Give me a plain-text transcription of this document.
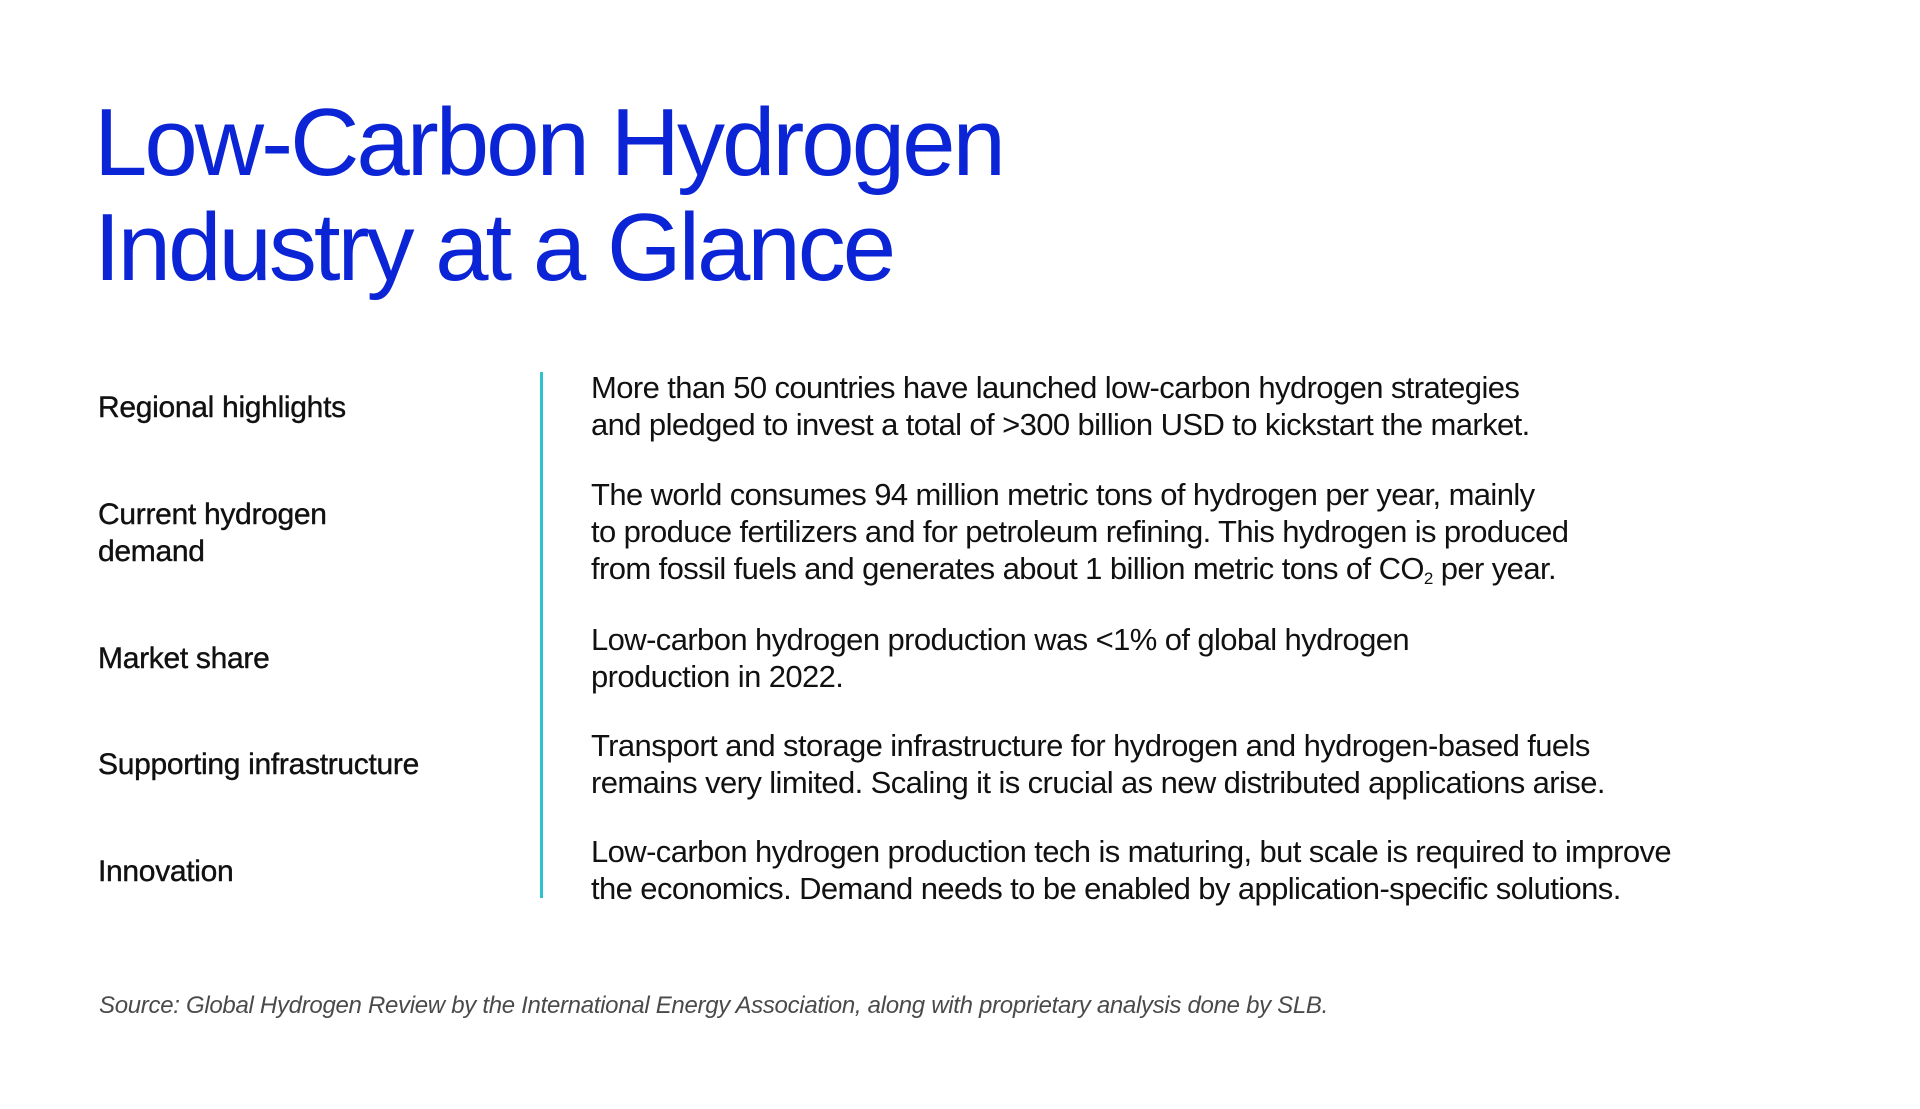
Low-Carbon Hydrogen
Industry at a Glance

Regional highlights

More than 50 countries have launched low-carbon hydrogen strategies
and pledged to invest a total of >300 billion USD to kickstart the market.

Current hydrogen
demand

The world consumes 94 million metric tons of hydrogen per year, mainly
to produce fertilizers and for petroleum refining. This hydrogen is produced
from fossil fuels and generates about 1 billion metric tons of $CO_2$ per year.

Market share

Low-carbon hydrogen production was <1% of global hydrogen
production in 2022.

Supporting infrastructure

Transport and storage infrastructure for hydrogen and hydrogen-based fuels
remains very limited. Scaling it is crucial as new distributed applications arise.

Innovation

Low-carbon hydrogen production tech is maturing, but scale is required to improve
the economics. Demand needs to be enabled by application-specific solutions.

Source: Global Hydrogen Review by the International Energy Association, along with proprietary analysis done by SLB.
